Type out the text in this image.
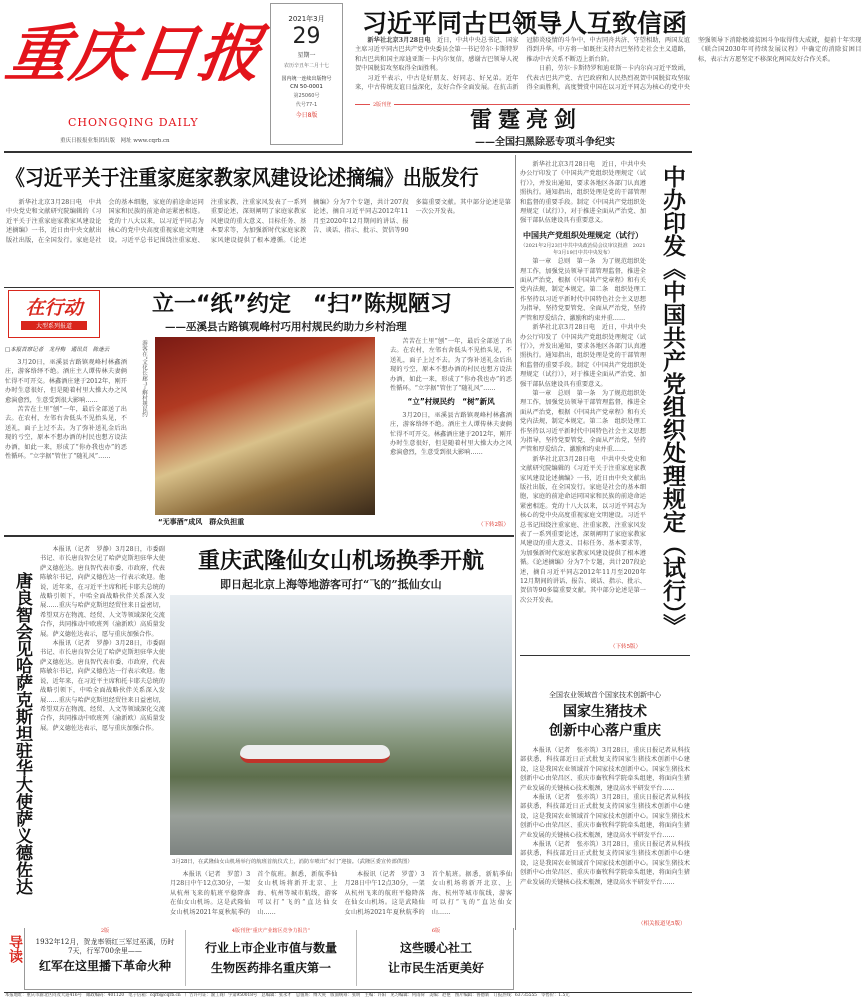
重庆日报
CHONGQING DAILY
重庆日报报业集团出版　网址 www.cqrb.cn
2021年3月
29
星期一
农历辛丑年二月十七
国内统一连续出版物号
CN 50-0001
第25060号
代号77-1
今日8版
习近平同古巴领导人互致信函

新华社北京3月28日电　 近日，中共中央总书记、国家主席习近平同古巴共产党中央委员会第一书记劳尔·卡斯特罗和古巴共和国主席迪亚斯－卡内尔复信，感谢古巴领导人祝贺中国脱贫攻坚取得全面胜利。

习近平表示，中古是好朋友、好同志、好兄弟。近年来，中古传统友谊日益深化，友好合作全面发展。在抗击新冠肺炎疫情的斗争中，中古同舟共济、守望相助，两国友谊得到升华。中方将一如既往支持古巴坚持走社会主义道路，推动中古关系不断迈上新台阶。

日前，劳尔·卡斯特罗和迪亚斯－卡内尔向习近平致函，代表古巴共产党、古巴政府和人民热烈祝贺中国脱贫攻坚取得全面胜利，高度赞赏中国在以习近平同志为核心的党中央坚强领导下消除极端贫困斗争取得伟大成就，提前十年实现《联合国2030年可持续发展议程》中确定的消除贫困目标，表示古方愿坚定不移深化两国友好合作关系。

2版刊登
雷霆亮剑
——全国扫黑除恶专项斗争纪实
《习近平关于注重家庭家教家风建设论述摘编》出版发行

新华社北京3月28日电　中共中央党史和文献研究院编辑的《习近平关于注重家庭家教家风建设论述摘编》一书，近日由中央文献出版社出版，在全国发行。家庭是社会的基本细胞，家庭的前途命运同国家和民族的前途命运紧密相连。党的十八大以来，以习近平同志为核心的党中央高度重视家庭文明建设。习近平总书记围绕注重家庭、注重家教、注重家风发表了一系列重要论述，深刻阐明了家庭家教家风建设的重大意义、目标任务、基本要求等，为加强新时代家庭家教家风建设提供了根本遵循。《论述摘编》分为7个专题，共计207段论述，摘自习近平同志2012年11月至2020年12月期间的讲话、报告、谈话、指示、批示、贺信等90多篇重要文献。其中部分论述是第一次公开发表。

新华社北京3月28日电　近日，中共中央办公厅印发了《中国共产党组织处理规定（试行）》，并发出通知，要求各地区各部门认真遵照执行。通知指出，组织处理是党的干部管理和监督的重要手段。制定《中国共产党组织处理规定（试行）》，对于推进全面从严治党、加强干部队伍建设具有重要意义。

中国共产党组织处理规定（试行）
（2021年2月23日中共中央政治局会议审议批准　2021年3月19日中共中央发布）

第一章　总则　第一条　为了规范组织处理工作，加强党员领导干部管理监督，推进全面从严治党，根据《中国共产党章程》和有关党内法规，制定本规定。第二条　组织处理工作坚持以习近平新时代中国特色社会主义思想为指导，坚持党要管党、全面从严治党，坚持严管和厚爱结合、激励和约束并重……

新华社北京3月28日电　近日，中共中央办公厅印发了《中国共产党组织处理规定（试行）》，并发出通知，要求各地区各部门认真遵照执行。通知指出，组织处理是党的干部管理和监督的重要手段。制定《中国共产党组织处理规定（试行）》，对于推进全面从严治党、加强干部队伍建设具有重要意义。

第一章　总则　第一条　为了规范组织处理工作，加强党员领导干部管理监督，推进全面从严治党，根据《中国共产党章程》和有关党内法规，制定本规定。第二条　组织处理工作坚持以习近平新时代中国特色社会主义思想为指导，坚持党要管党、全面从严治党，坚持严管和厚爱结合、激励和约束并重……

新华社北京3月28日电　中共中央党史和文献研究院编辑的《习近平关于注重家庭家教家风建设论述摘编》一书，近日由中央文献出版社出版，在全国发行。家庭是社会的基本细胞，家庭的前途命运同国家和民族的前途命运紧密相连。党的十八大以来，以习近平同志为核心的党中央高度重视家庭文明建设。习近平总书记围绕注重家庭、注重家教、注重家风发表了一系列重要论述，深刻阐明了家庭家教家风建设的重大意义、目标任务、基本要求等，为加强新时代家庭家教家风建设提供了根本遵循。《论述摘编》分为7个专题，共计207段论述，摘自习近平同志2012年11月至2020年12月期间的讲话、报告、谈话、指示、批示、贺信等90多篇重要文献。其中部分论述是第一次公开发表。

（下转5版）
中办印发《中国共产党组织处理规定（试行）》
在行动
大型系列报道
立一“纸”约定　“扫”陈规陋习
——巫溪县古路镇观峰村巧用村规民约助力乡村治理
□本报首席记者　龙丹梅　通讯员　陈迷云

3月20日，巫溪县古路镇观峰村林鑫酒庄，游客络绎不绝。酒庄主人谭传林夫妻俩忙得不可开交。林鑫酒庄建于2012年，刚开办时生意很好，但是随着村里大操大办之风愈演愈烈，生意受到很大影响……

苦苦在土里“刨”一年，最后全部送了出去。在农村，左邻右舍低头不见抬头见，不送礼，面子上过不去。为了弥补送礼金后出现的亏空，原本不想办酒的村民也想方设法办酒，如此一来，形成了“你办我也办”的恶性循环。“立字据”管住了“随礼风”……

游客在“文化长廊”了解村规民约
“无事酒”成风　群众负担重

苦苦在土里“刨”一年，最后全部送了出去。在农村，左邻右舍低头不见抬头见，不送礼，面子上过不去。为了弥补送礼金后出现的亏空，原本不想办酒的村民也想方设法办酒，如此一来，形成了“你办我也办”的恶性循环。“立字据”管住了“随礼风”……

“立”村规民约　“树”新风

3月20日，巫溪县古路镇观峰村林鑫酒庄，游客络绎不绝。酒庄主人谭传林夫妻俩忙得不可开交。林鑫酒庄建于2012年，刚开办时生意很好，但是随着村里大操大办之风愈演愈烈，生意受到很大影响……

（下转2版）
唐良智会见哈萨克斯坦驻华大使萨义德佐达

本报讯（记者　罗静）3月28日，市委副书记、市长唐良智会见了哈萨克斯坦驻华大使萨义德佐达。唐良智代表市委、市政府，代表陈敏尔书记，向萨义德佐达一行表示欢迎。他说，近年来，在习近平主席和托卡耶夫总统的战略引领下，中哈全面战略伙伴关系深入发展……重庆与哈萨克斯坦经贸往来日益密切，希望双方在物流、经贸、人文等领域深化交流合作，共同推动中欧班列（渝新欧）高质量发展。萨义德佐达表示，愿与重庆加强合作。

本报讯（记者　罗静）3月28日，市委副书记、市长唐良智会见了哈萨克斯坦驻华大使萨义德佐达。唐良智代表市委、市政府，代表陈敏尔书记，向萨义德佐达一行表示欢迎。他说，近年来，在习近平主席和托卡耶夫总统的战略引领下，中哈全面战略伙伴关系深入发展……重庆与哈萨克斯坦经贸往来日益密切，希望双方在物流、经贸、人文等领域深化交流合作，共同推动中欧班列（渝新欧）高质量发展。萨义德佐达表示，愿与重庆加强合作。

重庆武隆仙女山机场换季开航
即日起北京上海等地游客可打“飞的”抵仙女山
3月28日，在武隆仙女山机场举行的航班首航仪式上，消防车喷出“水门”迎接。（武隆区委宣传部供图）

本报讯（记者　罗蕾）3月28日中午12点30分，一架从杭州飞来的航班平稳降落在仙女山机场。这是武隆仙女山机场2021年夏秋航季的首个航班。据悉，新航季仙女山机场将新开北京、上海、杭州等城市航线，游客可以打“飞的”直达仙女山……

本报讯（记者　罗蕾）3月28日中午12点30分，一架从杭州飞来的航班平稳降落在仙女山机场。这是武隆仙女山机场2021年夏秋航季的首个航班。据悉，新航季仙女山机场将新开北京、上海、杭州等城市航线，游客可以打“飞的”直达仙女山……

全国农业领域首个国家技术创新中心
国家生猪技术
创新中心落户重庆

本报讯（记者　张亦筑）3月28日，重庆日报记者从科技部获悉，科技部近日正式批复支持国家生猪技术创新中心建设，这是我国农业领域首个国家技术创新中心。国家生猪技术创新中心由荣昌区、重庆市畜牧科学院牵头组建，将面向生猪产业发展的关键核心技术瓶颈，建设高水平研发平台……

本报讯（记者　张亦筑）3月28日，重庆日报记者从科技部获悉，科技部近日正式批复支持国家生猪技术创新中心建设，这是我国农业领域首个国家技术创新中心。国家生猪技术创新中心由荣昌区、重庆市畜牧科学院牵头组建，将面向生猪产业发展的关键核心技术瓶颈，建设高水平研发平台……

本报讯（记者　张亦筑）3月28日，重庆日报记者从科技部获悉，科技部近日正式批复支持国家生猪技术创新中心建设，这是我国农业领域首个国家技术创新中心。国家生猪技术创新中心由荣昌区、重庆市畜牧科学院牵头组建，将面向生猪产业发展的关键核心技术瓶颈，建设高水平研发平台……

（相关报道见5版）
导读
2版
1932年12月，贺龙率领红三军过巫溪，历时7天，行军700余里——
红军在这里播下革命火种
4版刊登“重庆产业辖区竞争力报告”
行业上市企业市值与数量
生物医药排名重庆第一
6版
这些暖心社工
让市民生活更美好
本报地址：重庆市渝北区同茂大道416号　邮政编码：401120　电子信箱：cqrb@cqrb.cn　广告许可证：渝工商广字第950018号　总编辑：张永才　总值班：傅大庚　版面统筹：张明　主编：许阳　见习编辑：何雨荷　美编：赵艳　图片编辑：鲁德新　订报热线：63735555　零售价：1.5元
